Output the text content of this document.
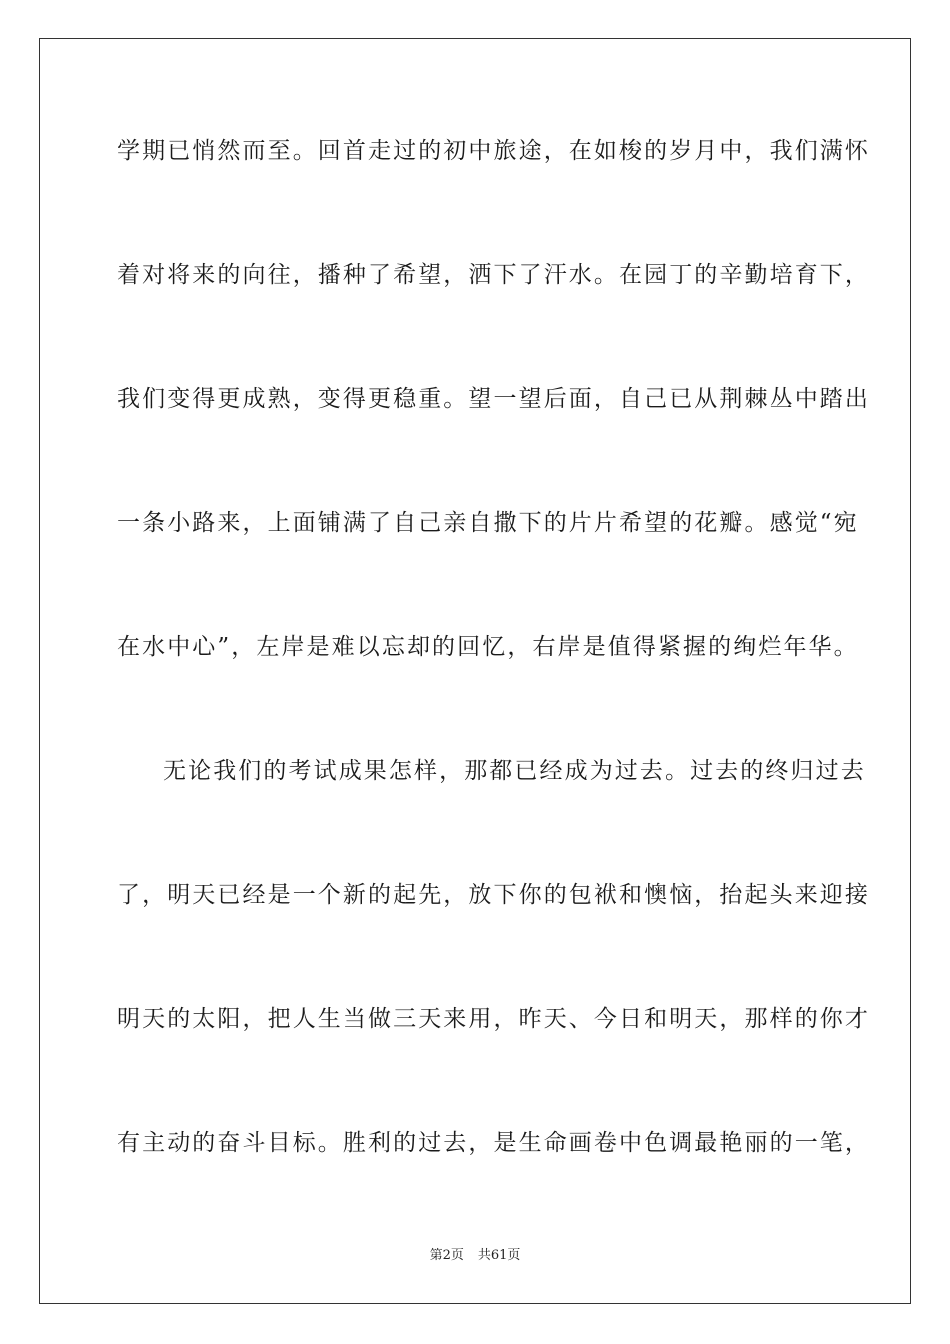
学期已悄然而至。回首走过的初中旅途，在如梭的岁月中，我们满怀
着对将来的向往，播种了希望，洒下了汗水。在园丁的辛勤培育下，
我们变得更成熟，变得更稳重。望一望后面，自己已从荆棘丛中踏出
一条小路来，上面铺满了自己亲自撒下的片片希望的花瓣。感觉“宛
在水中心”，左岸是难以忘却的回忆，右岸是值得紧握的绚烂年华。
无论我们的考试成果怎样，那都已经成为过去。过去的终归过去
了，明天已经是一个新的起先，放下你的包袱和懊恼，抬起头来迎接
明天的太阳，把人生当做三天来用，昨天、今日和明天，那样的你才
有主动的奋斗目标。胜利的过去，是生命画卷中色调最艳丽的一笔，
第2页 共61页
